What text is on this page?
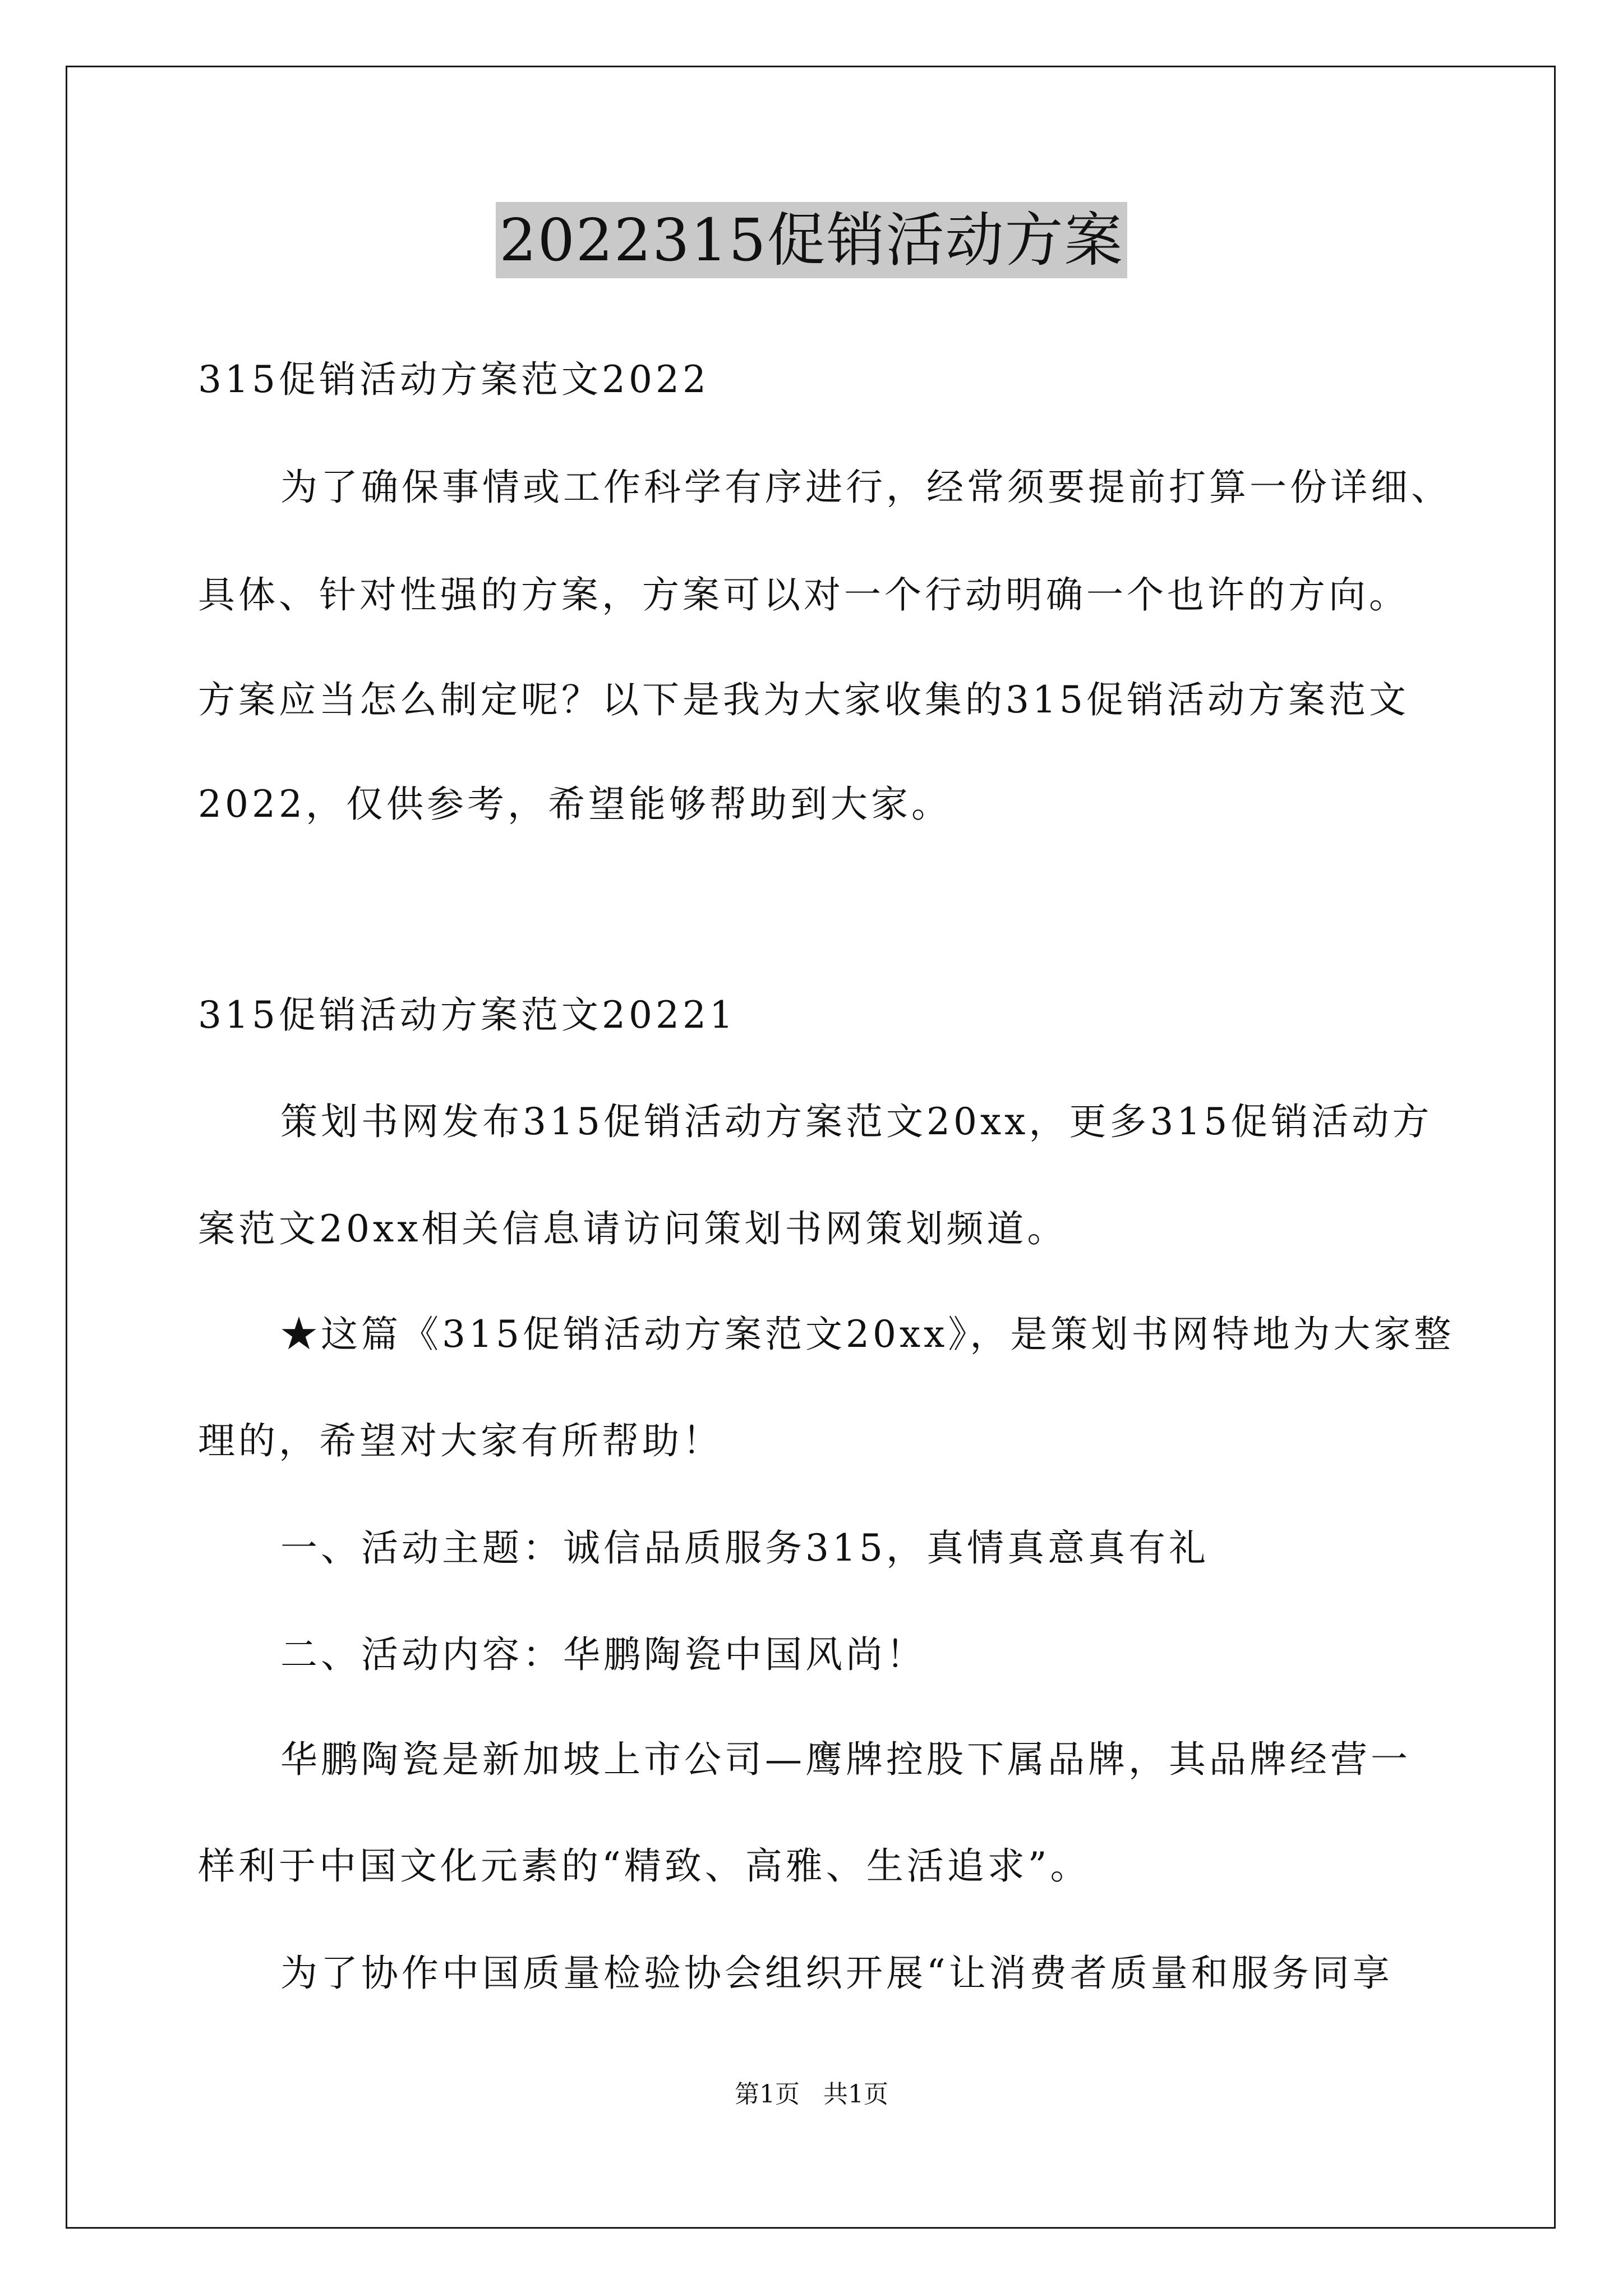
2022315促销活动方案
315促销活动方案范文2022
为了确保事情或工作科学有序进行，经常须要提前打算一份详细、
具体、针对性强的方案，方案可以对一个行动明确一个也许的方向。
方案应当怎么制定呢？以下是我为大家收集的315促销活动方案范文
2022，仅供参考，希望能够帮助到大家。
315促销活动方案范文20221
策划书网发布315促销活动方案范文20xx，更多315促销活动方
案范文20xx相关信息请访问策划书网策划频道。
★这篇《315促销活动方案范文20xx》，是策划书网特地为大家整
理的，希望对大家有所帮助！
一、活动主题：诚信品质服务315，真情真意真有礼
二、活动内容：华鹏陶瓷中国风尚！
华鹏陶瓷是新加坡上市公司—鹰牌控股下属品牌，其品牌经营一
样利于中国文化元素的“精致、高雅、生活追求”。
为了协作中国质量检验协会组织开展“让消费者质量和服务同享
第1页 共1页
